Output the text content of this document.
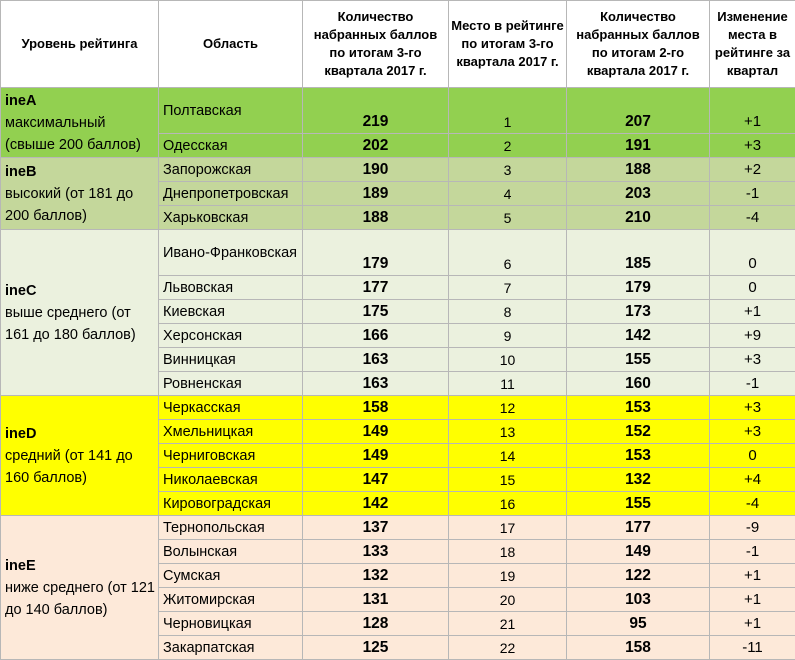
Уровень рейтинга	Область	Количество набранных баллов по итогам 3-го квартала 2017 г.	Место в рейтинге по итогам 3-го квартала 2017 г.	Количество набранных баллов по итогам 2-го квартала 2017 г.	Изменение места в рейтинге за квартал

ineA
максимальный (свыше 200 баллов)	Полтавская	219	1	207	+1
	Одесская	202	2	191	+3

ineB
высокий (от 181 до 200 баллов)	Запорожская	190	3	188	+2
	Днепропетровская	189	4	203	-1
	Харьковская	188	5	210	-4

ineC
выше среднего (от 161 до 180 баллов)	Ивано-Франковская	179	6	185	0
	Львовская	177	7	179	0
	Киевская	175	8	173	+1
	Херсонская	166	9	142	+9
	Винницкая	163	10	155	+3
	Ровненская	163	11	160	-1

ineD
средний (от 141 до 160 баллов)	Черкасская	158	12	153	+3
	Хмельницкая	149	13	152	+3
	Черниговская	149	14	153	0
	Николаевская	147	15	132	+4
	Кировоградская	142	16	155	-4

ineE
ниже среднего (от 121 до 140 баллов)	Тернопольская	137	17	177	-9
	Волынская	133	18	149	-1
	Сумская	132	19	122	+1
	Житомирская	131	20	103	+1
	Черновицкая	128	21	95	+1
	Закарпатская	125	22	158	-11
